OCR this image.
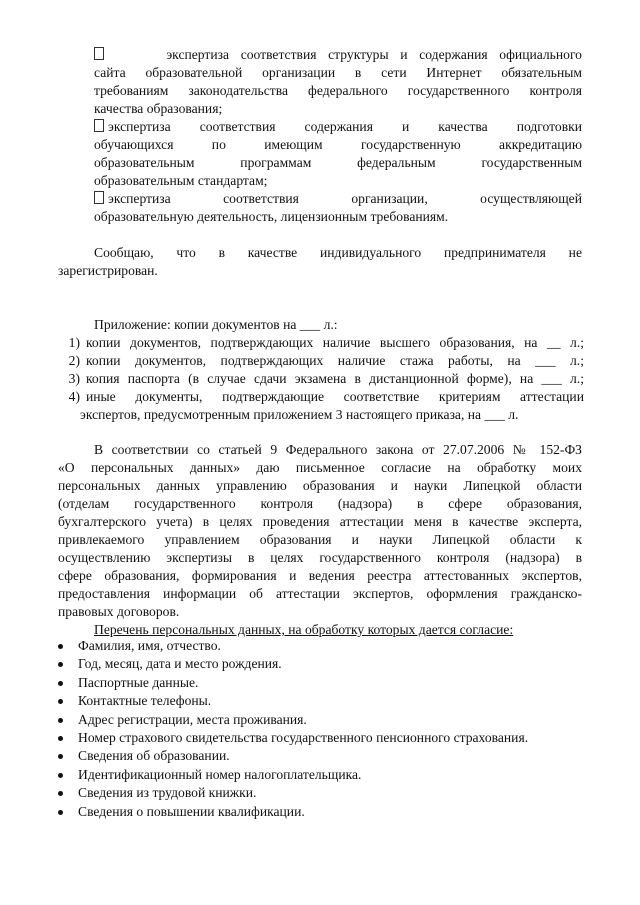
экспертиза соответствия структуры и содержания официального
сайта образовательной организации в сети Интернет обязательным
требованиям законодательства федерального государственного контроля
качества образования;
экспертиза соответствия содержания и качества подготовки
обучающихся по имеющим государственную аккредитацию
образовательным программам федеральным государственным
образовательным стандартам;
экспертиза соответствия организации, осуществляющей
образовательную деятельность, лицензионным требованиям.
Сообщаю, что в качестве индивидуального предпринимателя не
зарегистрирован.
Приложение: копии документов на ___ л.:
1) копии документов, подтверждающих наличие высшего образования, на __ л.;
2) копии документов, подтверждающих наличие стажа работы, на ___ л.;
3) копия паспорта (в случае сдачи экзамена в дистанционной форме), на ___ л.;
4) иные документы, подтверждающие соответствие критериям аттестации
экспертов, предусмотренным приложением 3 настоящего приказа, на ___ л.
В соответствии со статьей 9 Федерального закона от 27.07.2006 № 152-ФЗ
«О персональных данных» даю письменное согласие на обработку моих
персональных данных управлению образования и науки Липецкой области
(отделам государственного контроля (надзора) в сфере образования,
бухгалтерского учета) в целях проведения аттестации меня в качестве эксперта,
привлекаемого управлением образования и науки Липецкой области к
осуществлению экспертизы в целях государственного контроля (надзора) в
сфере образования, формирования и ведения реестра аттестованных экспертов,
предоставления информации об аттестации экспертов, оформления гражданско-
правовых договоров.
Перечень персональных данных, на обработку которых дается согласие:
Фамилия, имя, отчество.
Год, месяц, дата и место рождения.
Паспортные данные.
Контактные телефоны.
Адрес регистрации, места проживания.
Номер страхового свидетельства государственного пенсионного страхования.
Сведения об образовании.
Идентификационный номер налогоплательщика.
Сведения из трудовой книжки.
Сведения о повышении квалификации.
